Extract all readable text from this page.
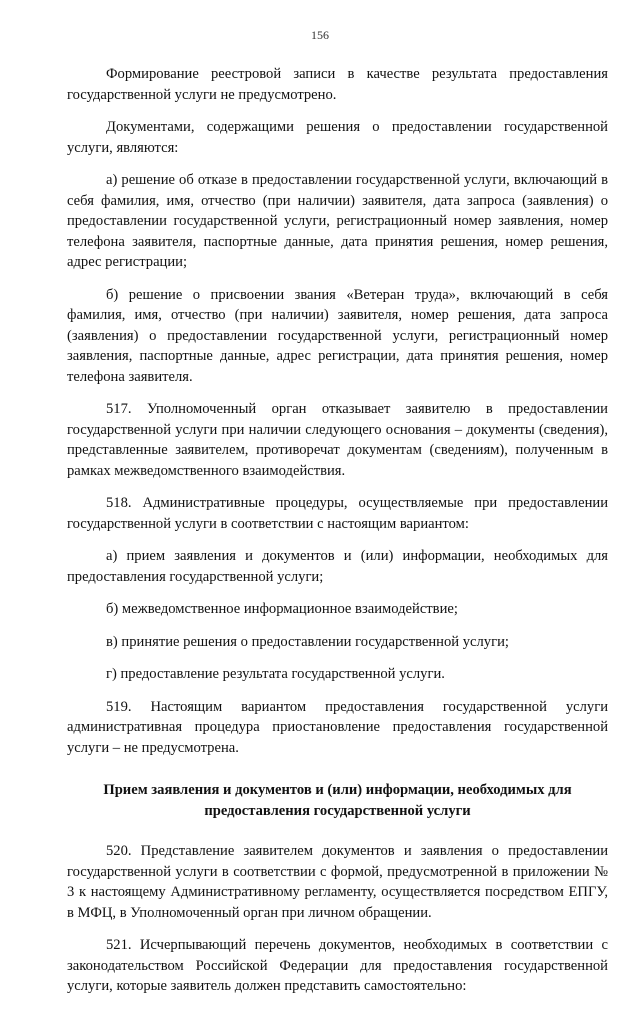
156

Формирование реестровой записи в качестве результата предоставления государственной услуги не предусмотрено.

Документами, содержащими решения о предоставлении государственной услуги, являются:

а) решение об отказе в предоставлении государственной услуги, включающий в себя фамилия, имя, отчество (при наличии) заявителя, дата запроса (заявления) о предоставлении государственной услуги, регистрационный номер заявления, номер телефона заявителя, паспортные данные, дата принятия решения, номер решения, адрес регистрации;

б) решение о присвоении звания «Ветеран труда», включающий в себя фамилия, имя, отчество (при наличии) заявителя, номер решения, дата запроса (заявления) о предоставлении государственной услуги, регистрационный номер заявления, паспортные данные, адрес регистрации, дата принятия решения, номер телефона заявителя.

517. Уполномоченный орган отказывает заявителю в предоставлении государственной услуги при наличии следующего основания – документы (сведения), представленные заявителем, противоречат документам (сведениям), полученным в рамках межведомственного взаимодействия.

518. Административные процедуры, осуществляемые при предоставлении государственной услуги в соответствии с настоящим вариантом:

а) прием заявления и документов и (или) информации, необходимых для предоставления государственной услуги;

б) межведомственное информационное взаимодействие;

в) принятие решения о предоставлении государственной услуги;

г) предоставление результата государственной услуги.

519. Настоящим вариантом предоставления государственной услуги административная процедура приостановление предоставления государственной услуги – не предусмотрена.

Прием заявления и документов и (или) информации, необходимых для предоставления государственной услуги

520. Представление заявителем документов и заявления о предоставлении государственной услуги в соответствии с формой, предусмотренной в приложении № 3 к настоящему Административному регламенту, осуществляется посредством ЕПГУ, в МФЦ, в Уполномоченный орган при личном обращении.

521. Исчерпывающий перечень документов, необходимых в соответствии с законодательством Российской Федерации для предоставления государственной услуги, которые заявитель должен представить самостоятельно:
